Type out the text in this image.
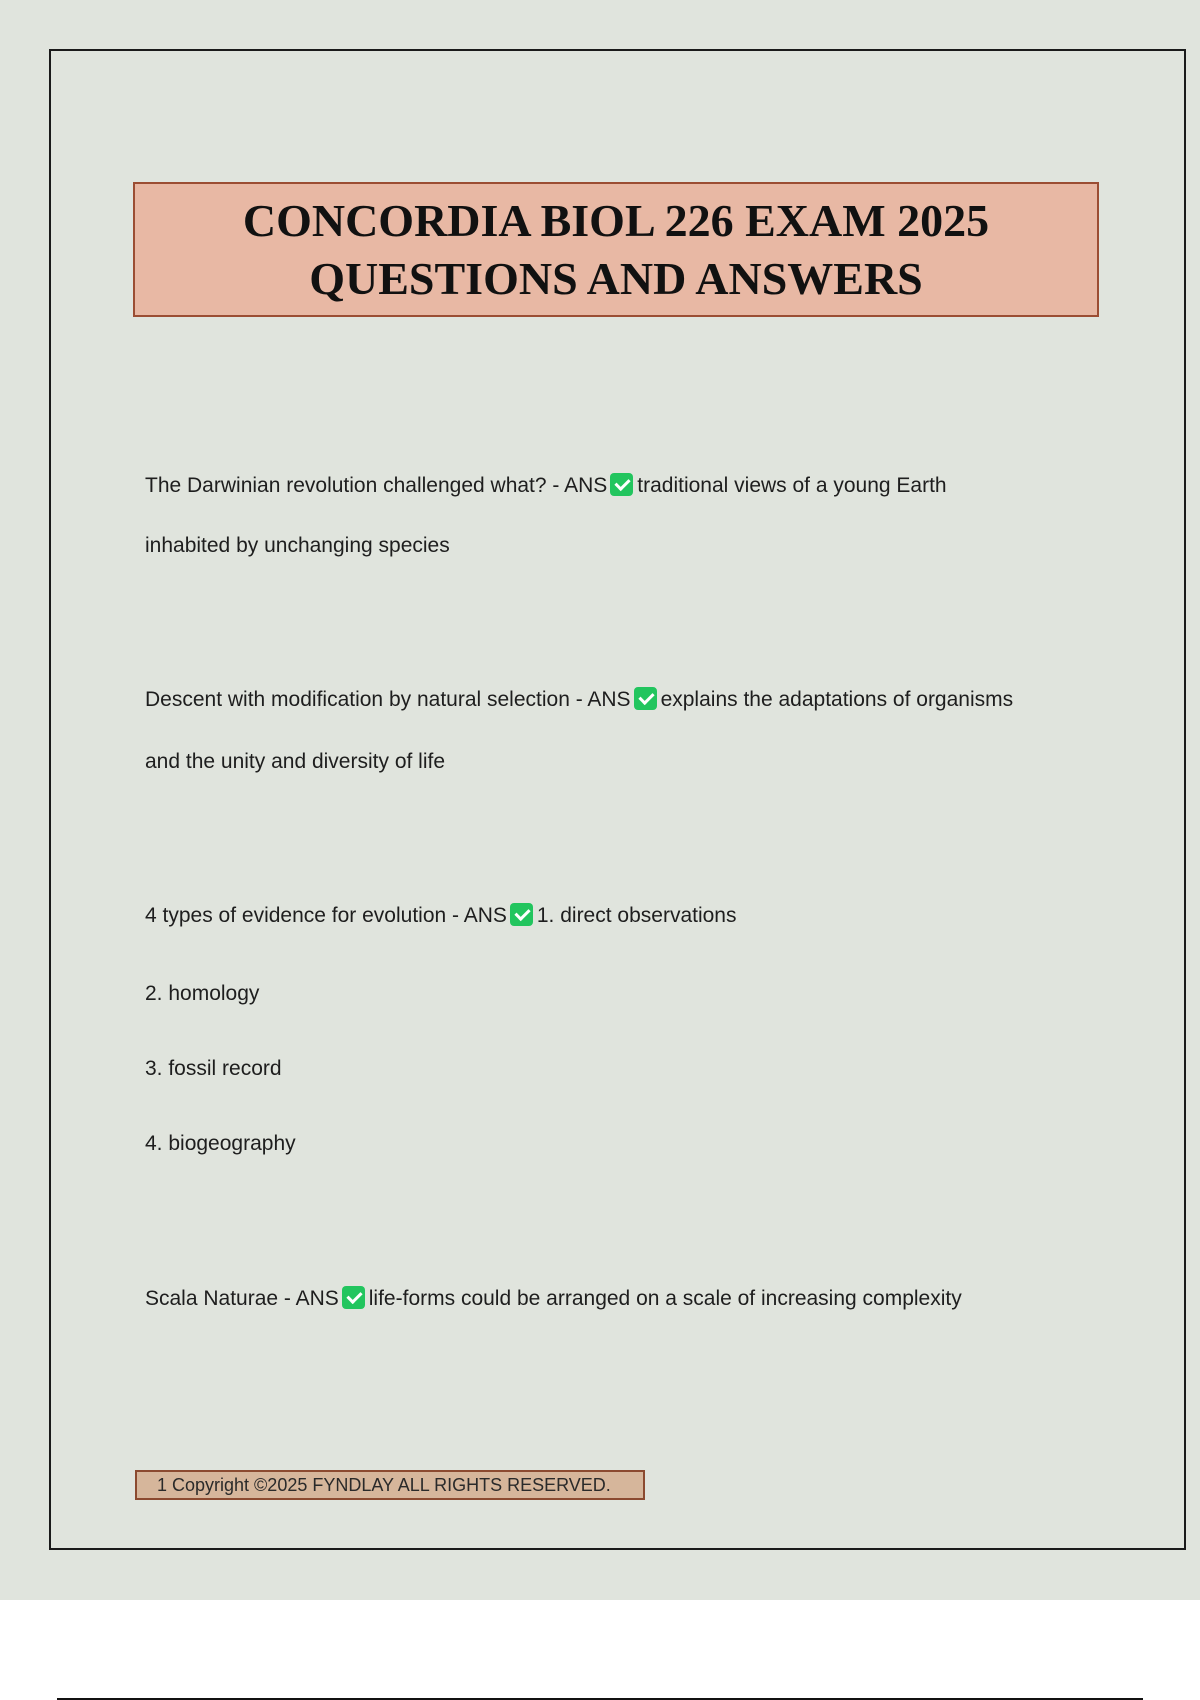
CONCORDIA BIOL 226 EXAM 2025
QUESTIONS AND ANSWERS
The Darwinian revolution challenged what? - ANS traditional views of a young Earth
inhabited by unchanging species
Descent with modification by natural selection - ANS explains the adaptations of organisms
and the unity and diversity of life
4 types of evidence for evolution - ANS 1. direct observations
2. homology
3. fossil record
4. biogeography
Scala Naturae - ANS life-forms could be arranged on a scale of increasing complexity
1 Copyright ©2025 FYNDLAY ALL RIGHTS RESERVED.
